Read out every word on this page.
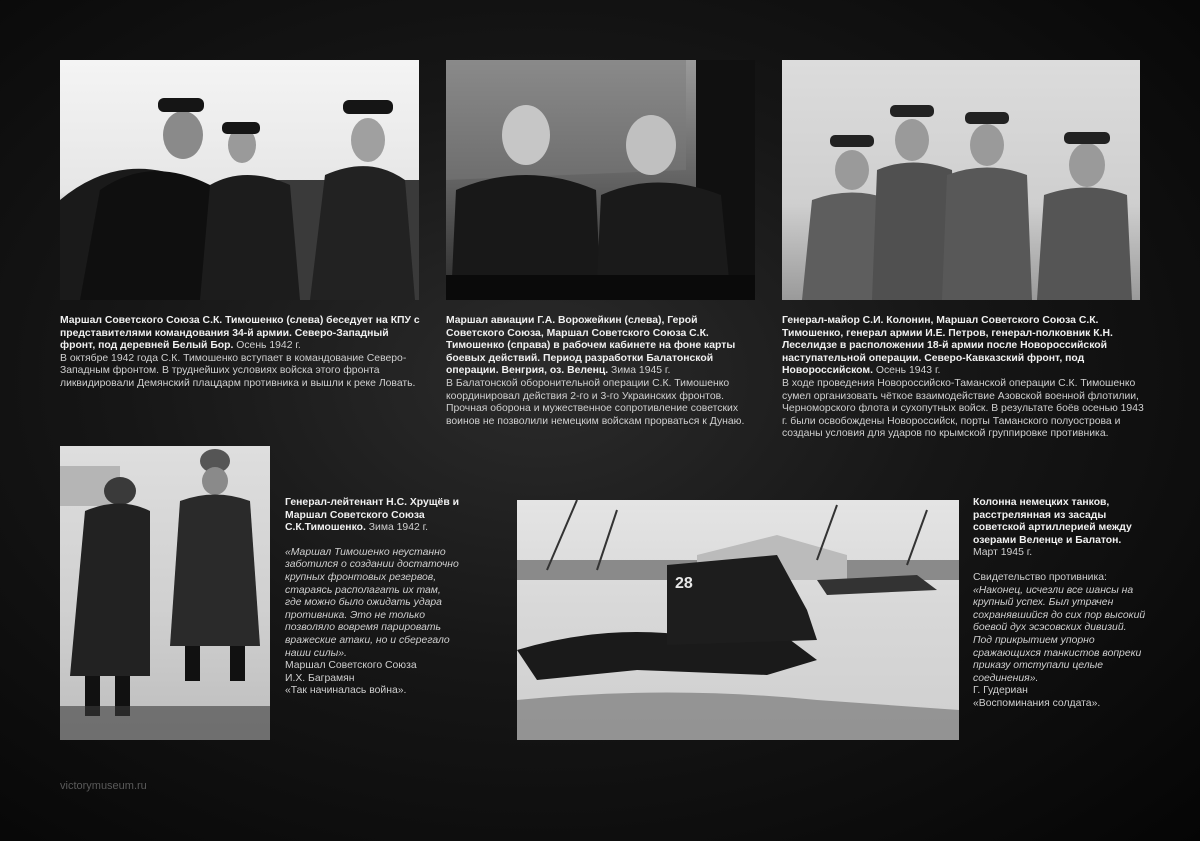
28

Маршал Советского Союза С.К. Тимошенко (слева) беседует на КПУ с представителями командования 34-й армии. Северо-Западный фронт, под деревней Белый Бор. Осень 1942 г.

В октябре 1942 года С.К. Тимошенко вступает в командование Северо-Западным фронтом. В труднейших условиях войска этого фронта ликвидировали Демянский плацдарм противника и вышли к реке Ловать.

Маршал авиации Г.А. Ворожейкин (слева), Герой Советского Союза, Маршал Советского Союза С.К. Тимошенко (справа) в рабочем кабинете на фоне карты боевых действий. Период разработки Балатонской операции. Венгрия, оз. Веленц. Зима 1945 г.

В Балатонской оборонительной операции С.К. Тимошенко координировал действия 2-го и 3-го Украинских фронтов. Прочная оборона и мужественное сопротивление советских воинов не позволили немецким войскам прорваться к Дунаю.

Генерал-майор С.И. Колонин, Маршал Советского Союза С.К. Тимошенко, генерал армии И.Е. Петров, генерал-полковник К.Н. Леселидзе в расположении 18-й армии после Новороссийской наступательной операции. Северо-Кавказский фронт, под Новороссийском. Осень 1943 г.

В ходе проведения Новороссийско-Таманской операции С.К. Тимошенко сумел организовать чёткое взаимодействие Азовской военной флотилии, Черноморского флота и сухопутных войск. В результате боёв осенью 1943 г. были освобождены Новороссийск, порты Таманского полуострова и созданы условия для ударов по крымской группировке противника.

Генерал-лейтенант Н.С. Хрущёв и Маршал Советского Союза С.К.Тимошенко. Зима 1942 г.

«Маршал Тимошенко неустанно заботился о создании достаточно крупных фронтовых резервов, стараясь располагать их там, где можно было ожидать удара противника. Это не только позволяло вовремя парировать вражеские атаки, но и сберегало наши силы».

Маршал Советского Союза

И.Х. Баграмян

«Так начиналась война».

Колонна немецких танков, расстрелянная из засады советской артиллерией между озерами Веленце и Балатон.

Март 1945 г.

Свидетельство противника:

«Наконец, исчезли все шансы на крупный успех. Был утрачен сохранявшийся до сих пор высокий боевой дух эсэсовских дивизий. Под прикрытием упорно сражающихся танкистов вопреки приказу отступали целые соединения».

Г. Гудериан

«Воспоминания солдата».

victorymuseum.ru
